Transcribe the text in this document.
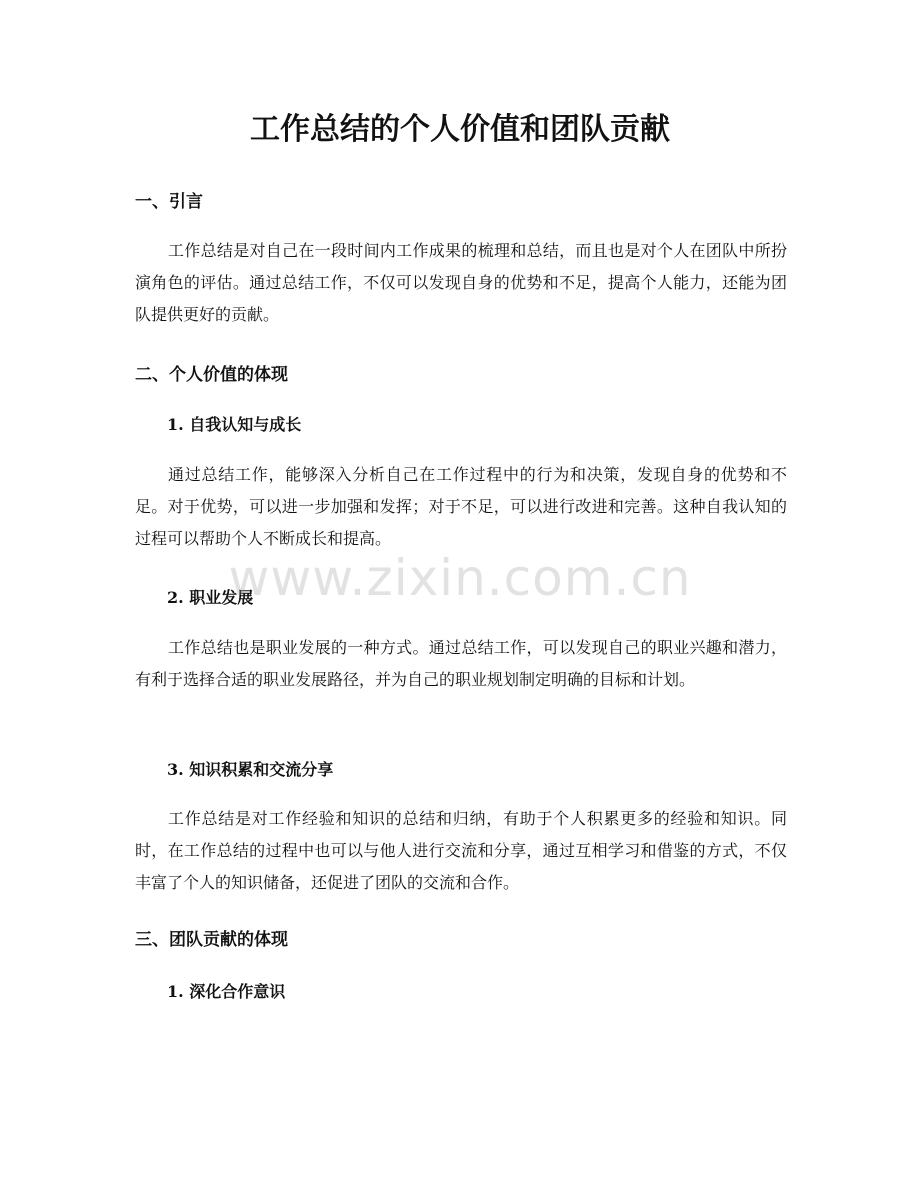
工作总结的个人价值和团队贡献
一、引言

工作总结是对自己在一段时间内工作成果的梳理和总结，而且也是对个人在团队中所扮演角色的评估。通过总结工作，不仅可以发现自身的优势和不足，提高个人能力，还能为团队提供更好的贡献。

二、个人价值的体现
1. 自我认知与成长

通过总结工作，能够深入分析自己在工作过程中的行为和决策，发现自身的优势和不足。对于优势，可以进一步加强和发挥；对于不足，可以进行改进和完善。这种自我认知的过程可以帮助个人不断成长和提高。

2. 职业发展

工作总结也是职业发展的一种方式。通过总结工作，可以发现自己的职业兴趣和潜力，有利于选择合适的职业发展路径，并为自己的职业规划制定明确的目标和计划。

3. 知识积累和交流分享

工作总结是对工作经验和知识的总结和归纳，有助于个人积累更多的经验和知识。同时，在工作总结的过程中也可以与他人进行交流和分享，通过互相学习和借鉴的方式，不仅丰富了个人的知识储备，还促进了团队的交流和合作。

三、团队贡献的体现
1. 深化合作意识
www.zixin.com.cn
